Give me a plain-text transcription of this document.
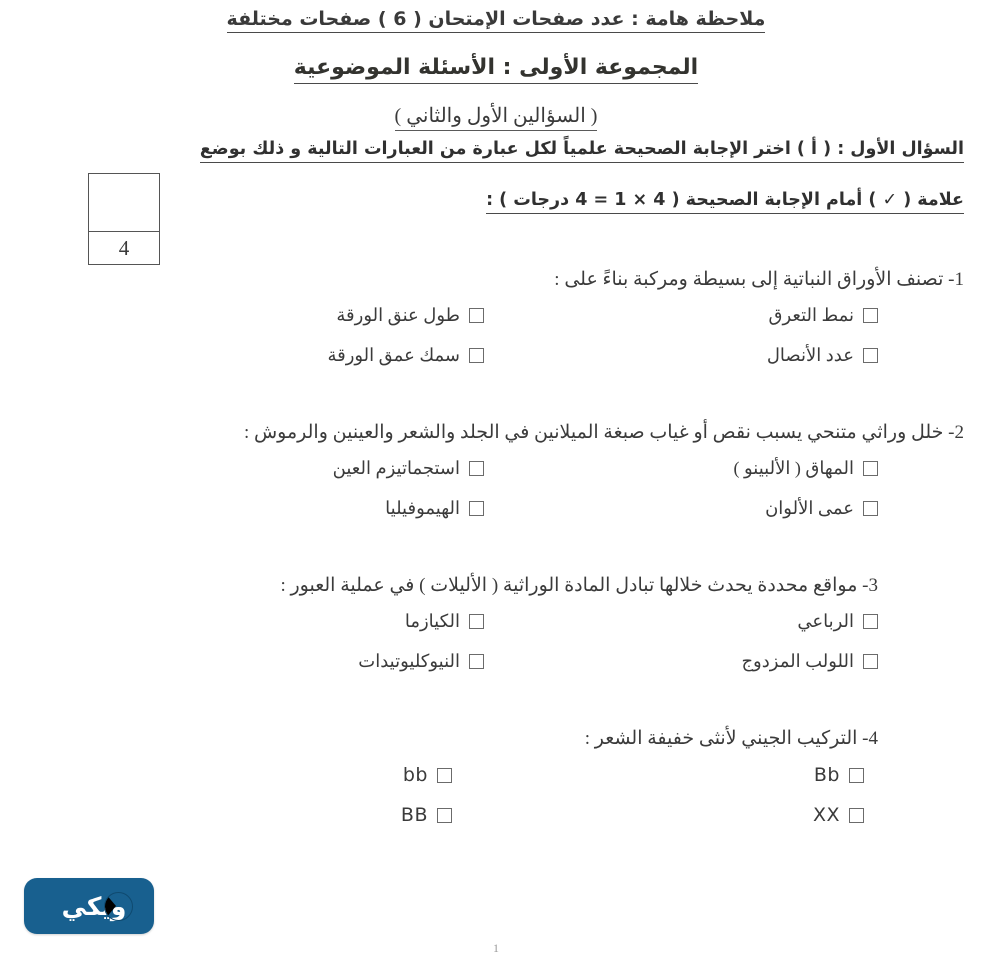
ملاحظة هامة : عدد صفحات الإمتحان ( 6 ) صفحات مختلفة
المجموعة الأولى : الأسئلة الموضوعية
( السؤالين الأول والثاني )
السؤال الأول : ( أ ) اختر الإجابة الصحيحة علمياً لكل عبارة من العبارات التالية و ذلك بوضع
علامة ( ✓ ) أمام الإجابة الصحيحة ( 4 × 1 = 4 درجات ) :
4
1- تصنف الأوراق النباتية إلى بسيطة ومركبة بناءً على :
نمط التعرق
عدد الأنصال
طول عنق الورقة
سمك عمق الورقة
2- خلل وراثي متنحي يسبب نقص أو غياب صبغة الميلانين في الجلد والشعر والعينين والرموش :
المهاق ( الألبينو )
عمى الألوان
استجماتيزم العين
الهيموفيليا
3- مواقع محددة يحدث خلالها تبادل المادة الوراثية ( الأليلات ) في عملية العبور :
الرباعي
اللولب المزدوج
الكيازما
النيوكليوتيدات
4- التركيب الجيني لأنثى خفيفة الشعر :
Bb
XX
bb
BB
ويكي
1
